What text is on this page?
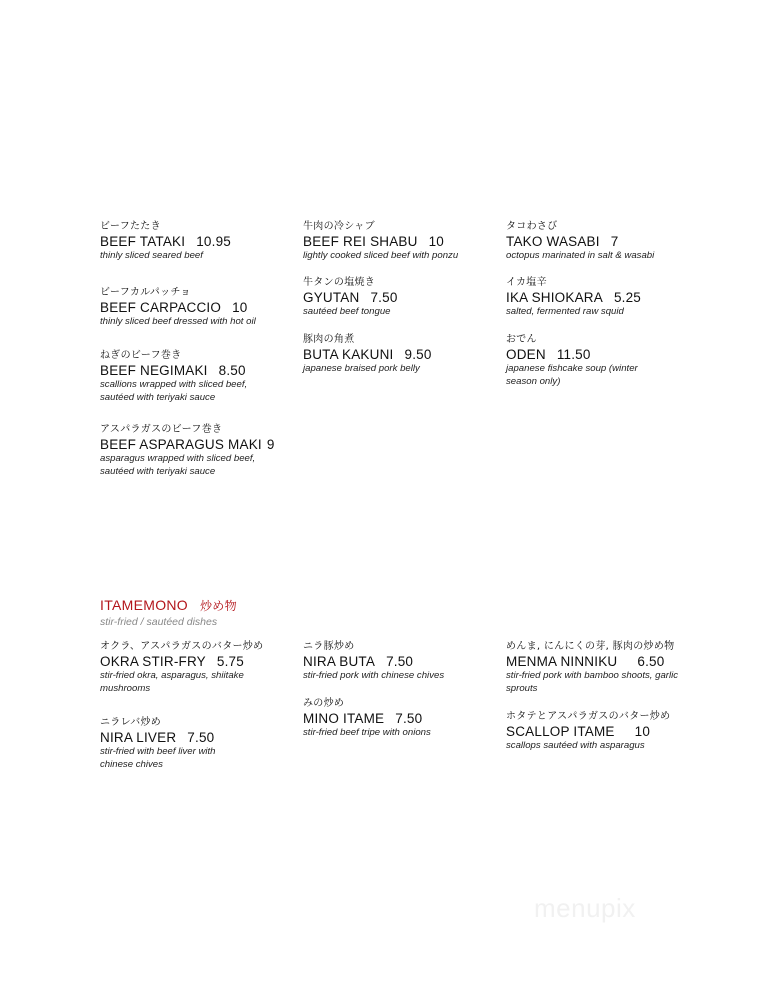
ビーフたたき
BEEF TATAKI 10.95
thinly sliced seared beef
ビーフカルパッチョ
BEEF CARPACCIO 10
thinly sliced beef dressed with hot oil
ねぎのビーフ巻き
BEEF NEGIMAKI 8.50
scallions wrapped with sliced beef, sautéed with teriyaki sauce
アスパラガスのビーフ巻き
BEEF ASPARAGUS MAKI 9
asparagus wrapped with sliced beef, sautéed with teriyaki sauce
牛肉の冷シャブ
BEEF REI SHABU 10
lightly cooked sliced beef with ponzu
牛タンの塩焼き
GYUTAN 7.50
sautéed beef tongue
豚肉の角煮
BUTA KAKUNI 9.50
japanese braised pork belly
タコわさび
TAKO WASABI 7
octopus marinated in salt & wasabi
イカ塩辛
IKA SHIOKARA 5.25
salted, fermented raw squid
おでん
ODEN 11.50
japanese fishcake soup (winter season only)
ITAMEMONO 炒め物
stir-fried / sautéed dishes
オクラ、アスパラガスのバター炒め
OKRA STIR-FRY 5.75
stir-fried okra, asparagus, shiitake mushrooms
ニラレバ炒め
NIRA LIVER 7.50
stir-fried with beef liver with chinese chives
ニラ豚炒め
NIRA BUTA 7.50
stir-fried pork with chinese chives
みの炒め
MINO ITAME 7.50
stir-fried beef tripe with onions
めんま, にんにくの芽, 豚肉の炒め物
MENMA NINNIKU 6.50
stir-fried pork with bamboo shoots, garlic sprouts
ホタテとアスパラガスのバター炒め
SCALLOP ITAME 10
scallops sautéed with asparagus
menupix
